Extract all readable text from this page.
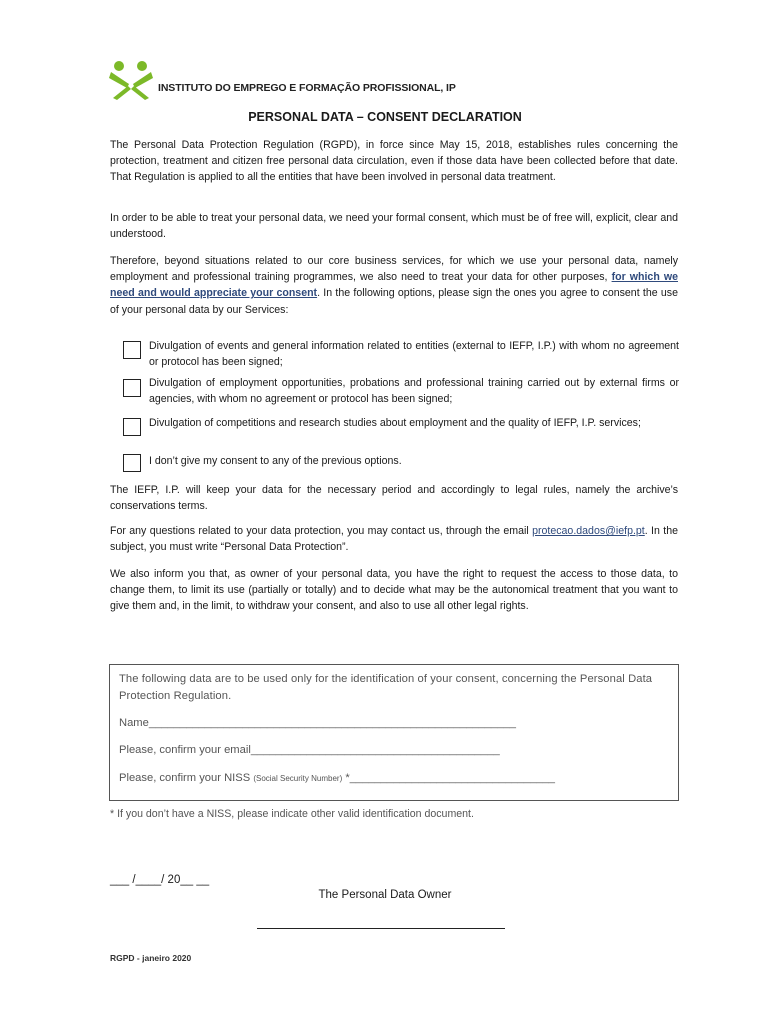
INSTITUTO DO EMPREGO E FORMAÇÃO PROFISSIONAL, IP
PERSONAL DATA – CONSENT DECLARATION
The Personal Data Protection Regulation (RGPD), in force since May 15, 2018, establishes rules concerning the protection, treatment and citizen free personal data circulation, even if those data have been collected before that date. That Regulation is applied to all the entities that have been involved in personal data treatment.
In order to be able to treat your personal data, we need your formal consent, which must be of free will, explicit, clear and understood.
Therefore, beyond situations related to our core business services, for which we use your personal data, namely employment and professional training programmes, we also need to treat your data for other purposes, for which we need and would appreciate your consent. In the following options, please sign the ones you agree to consent the use of your personal data by our Services:
Divulgation of events and general information related to entities (external to IEFP, I.P.) with whom no agreement or protocol has been signed;
Divulgation of employment opportunities, probations and professional training carried out by external firms or agencies, with whom no agreement or protocol has been signed;
Divulgation of competitions and research studies about employment and the quality of IEFP, I.P. services;
I don’t give my consent to any of the previous options.
The IEFP, I.P. will keep your data for the necessary period and accordingly to legal rules, namely the archive’s conservations terms.
For any questions related to your data protection, you may contact us, through the email protecao.dados@iefp.pt. In the subject, you must write “Personal Data Protection”.
We also inform you that, as owner of your personal data, you have the right to request the access to those data, to change them, to limit its use (partially or totally) and to decide what may be the autonomical treatment that you want to give them and, in the limit, to withdraw your consent, and also to use all other legal rights.
The following data are to be used only for the identification of your consent, concerning the Personal Data Protection Regulation.
Name___________________________________________________________
Please, confirm your email________________________________________
Please, confirm your NISS (Social Security Number) *_________________________________
* If you don’t have a NISS, please indicate other valid identification document.
___ /____/ 20__ __
The Personal Data Owner
RGPD - janeiro 2020
